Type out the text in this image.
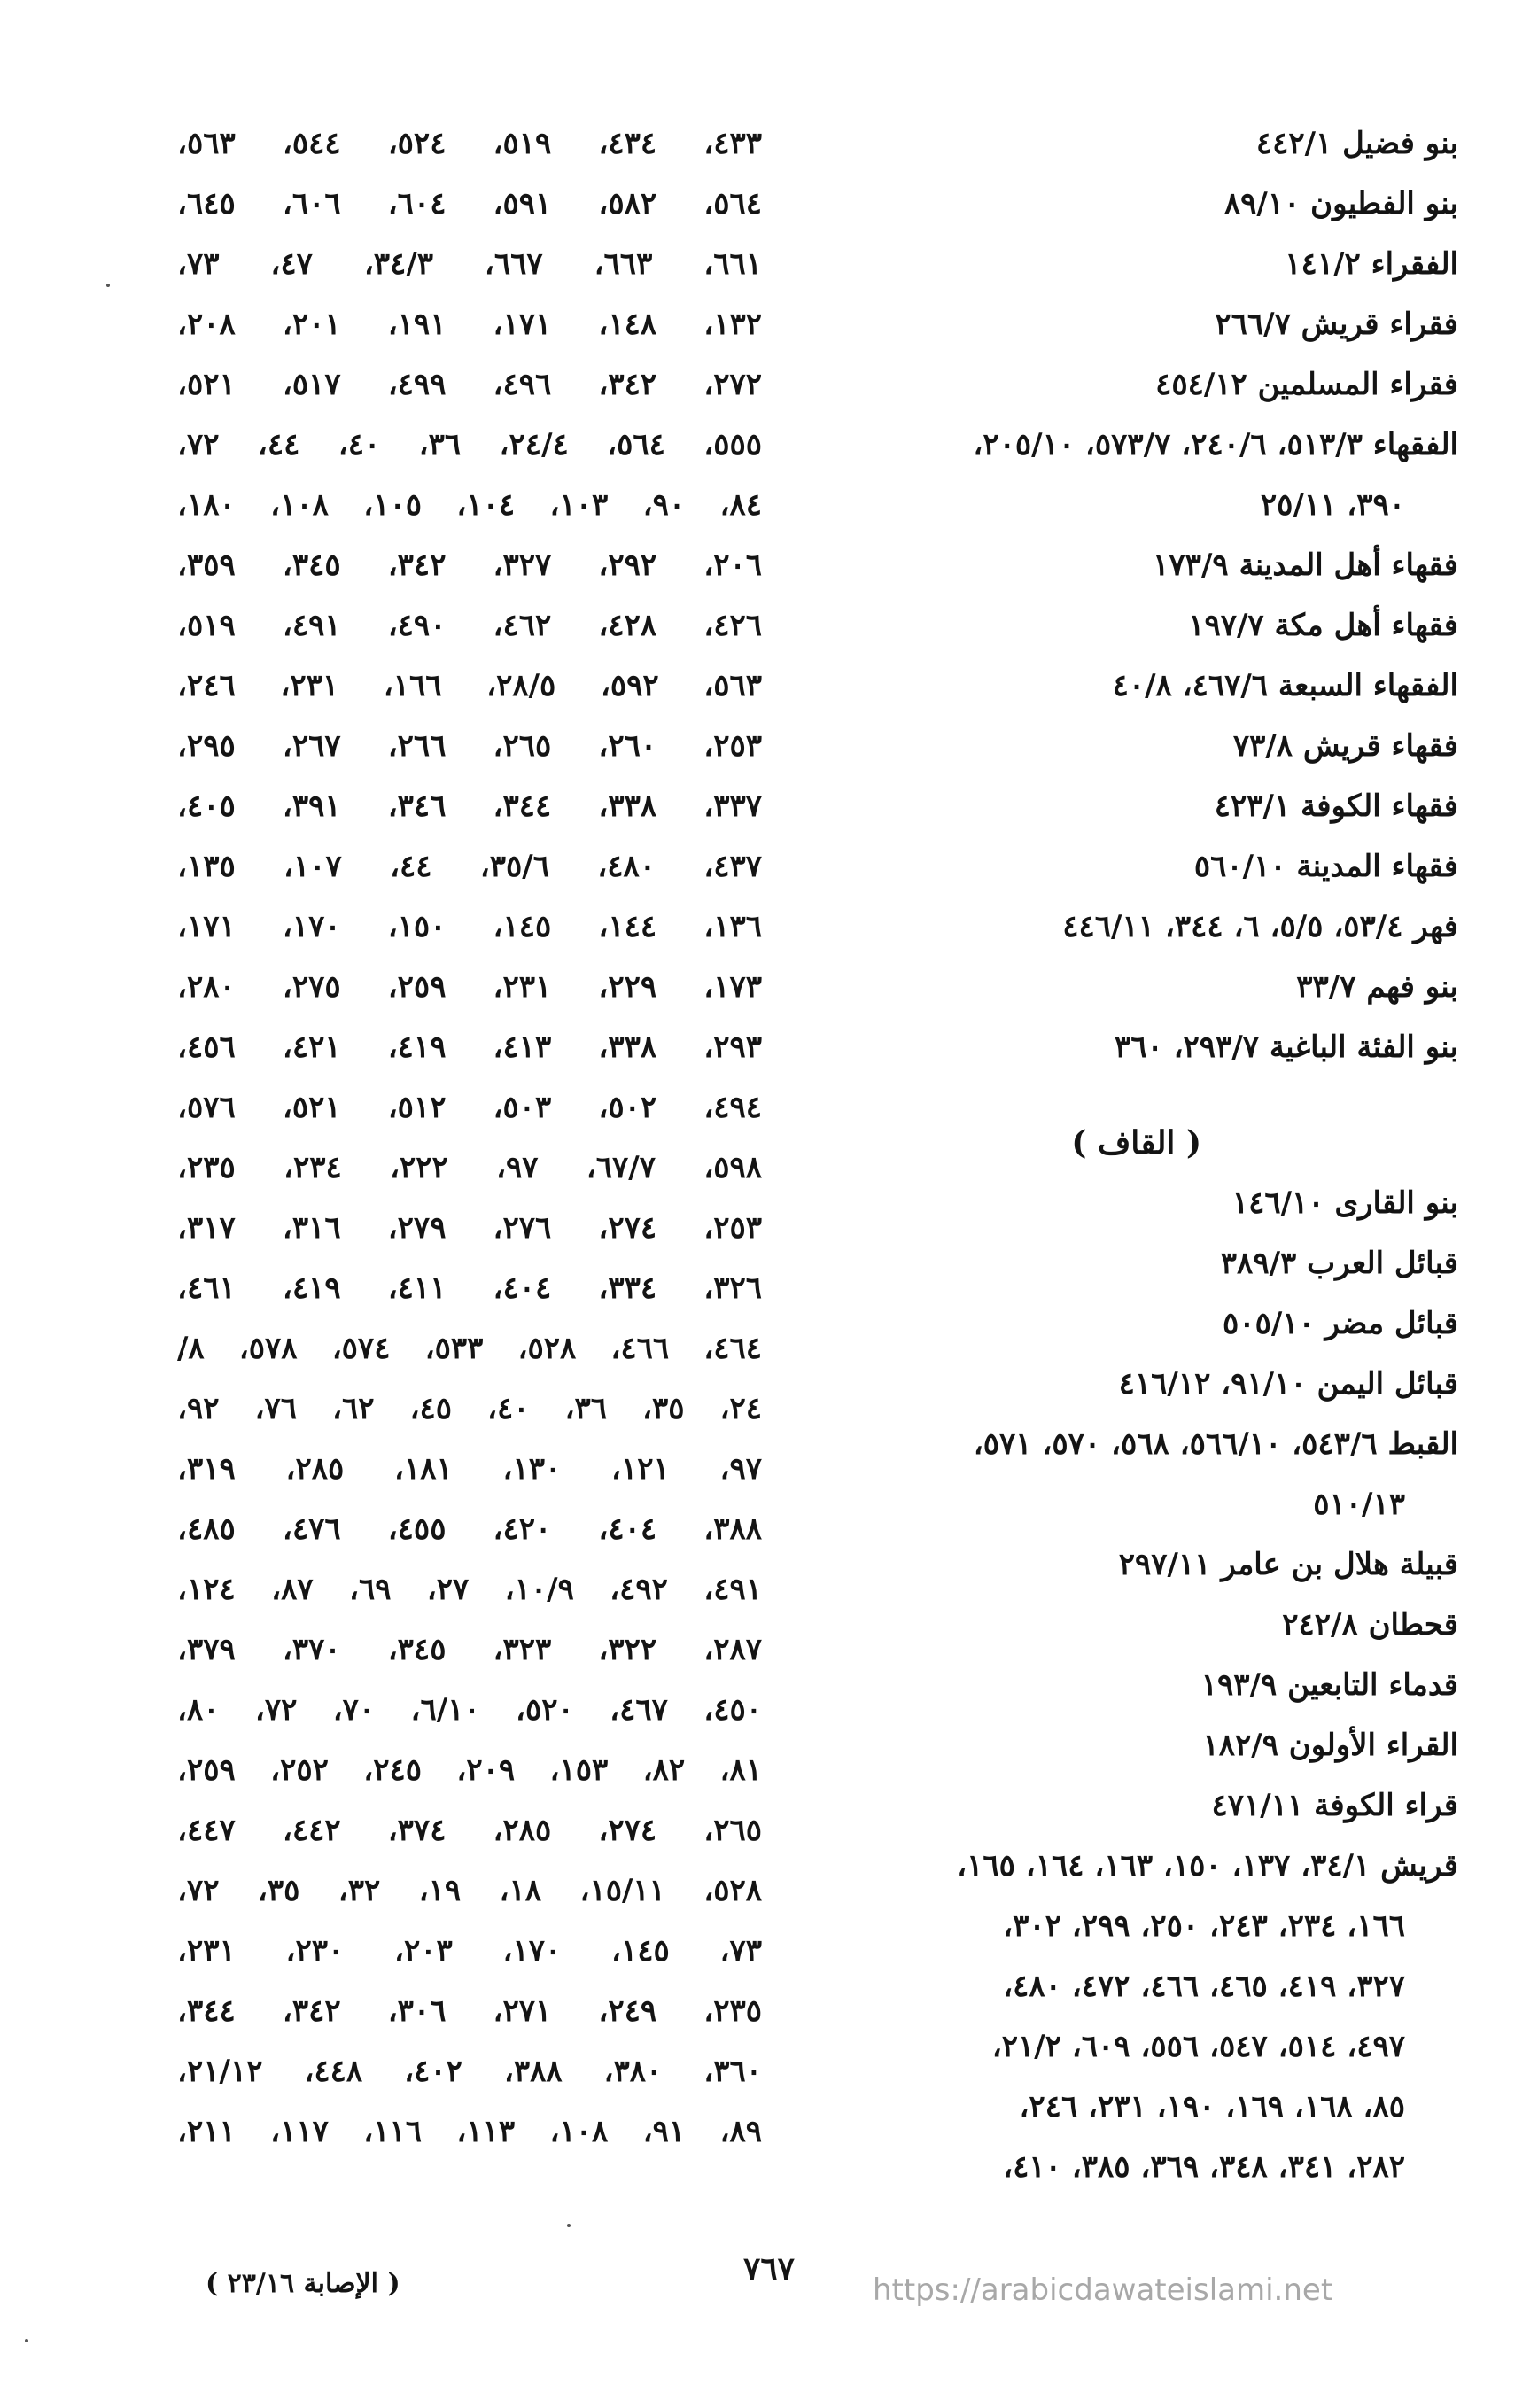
بنو فضيل ٤٤٢/١
بنو الفطيون ٨٩/١٠
الفقراء ١٤١/٢
فقراء قريش ٢٦٦/٧
فقراء المسلمين ٤٥٤/١٢
الفقهاء ٥١٣/٣، ٢٤٠/٦، ٥٧٣/٧، ٢٠٥/١٠،
٣٩٠، ٢٥/١١
فقهاء أهل المدينة ١٧٣/٩
فقهاء أهل مكة ١٩٧/٧
الفقهاء السبعة ٤٦٧/٦، ٤٠/٨
فقهاء قريش ٧٣/٨
فقهاء الكوفة ٤٢٣/١
فقهاء المدينة ٥٦٠/١٠
فهر ٥٣/٤، ٥/٥، ٦، ٣٤٤، ٤٤٦/١١
بنو فهم ٣٣/٧
بنو الفئة الباغية ٢٩٣/٧، ٣٦٠
( القاف )
بنو القارى ١٤٦/١٠
قبائل العرب ٣٨٩/٣
قبائل مضر ٥٠٥/١٠
قبائل اليمن ٩١/١٠، ٤١٦/١٢
القبط ٥٤٣/٦، ٥٦٦/١٠، ٥٦٨، ٥٧٠، ٥٧١،
٥١٠/١٣
قبيلة هلال بن عامر ٢٩٧/١١
قحطان ٢٤٢/٨
قدماء التابعين ١٩٣/٩
القراء الأولون ١٨٢/٩
قراء الكوفة ٤٧١/١١
قريش ٣٤/١، ١٣٧، ١٥٠، ١٦٣، ١٦٤، ١٦٥،
١٦٦، ٢٣٤، ٢٤٣، ٢٥٠، ٢٩٩، ٣٠٢،
٣٢٧، ٤١٩، ٤٦٥، ٤٦٦، ٤٧٢، ٤٨٠،
٤٩٧، ٥١٤، ٥٤٧، ٥٥٦، ٦٠٩، ٢١/٢،
٨٥، ١٦٨، ١٦٩، ١٩٠، ٢٣١، ٢٤٦،
٢٨٢، ٣٤١، ٣٤٨، ٣٦٩، ٣٨٥، ٤١٠،
٤٣٣، ٤٣٤، ٥١٩، ٥٢٤، ٥٤٤، ٥٦٣،
٥٦٤، ٥٨٢، ٥٩١، ٦٠٤، ٦٠٦، ٦٤٥،
٦٦١، ٦٦٣، ٦٦٧، ٣٤/٣، ٤٧، ٧٣،
١٣٢، ١٤٨، ١٧١، ١٩١، ٢٠١، ٢٠٨،
٢٧٢، ٣٤٢، ٤٩٦، ٤٩٩، ٥١٧، ٥٢١،
٥٥٥، ٥٦٤، ٢٤/٤، ٣٦، ٤٠، ٤٤، ٧٢،
٨٤، ٩٠، ١٠٣، ١٠٤، ١٠٥، ١٠٨، ١٨٠،
٢٠٦، ٢٩٢، ٣٢٧، ٣٤٢، ٣٤٥، ٣٥٩،
٤٢٦، ٤٢٨، ٤٦٢، ٤٩٠، ٤٩١، ٥١٩،
٥٦٣، ٥٩٢، ٢٨/٥، ١٦٦، ٢٣١، ٢٤٦،
٢٥٣، ٢٦٠، ٢٦٥، ٢٦٦، ٢٦٧، ٢٩٥،
٣٣٧، ٣٣٨، ٣٤٤، ٣٤٦، ٣٩١، ٤٠٥،
٤٣٧، ٤٨٠، ٣٥/٦، ٤٤، ١٠٧، ١٣٥،
١٣٦، ١٤٤، ١٤٥، ١٥٠، ١٧٠، ١٧١،
١٧٣، ٢٢٩، ٢٣١، ٢٥٩، ٢٧٥، ٢٨٠،
٢٩٣، ٣٣٨، ٤١٣، ٤١٩، ٤٢١، ٤٥٦،
٤٩٤، ٥٠٢، ٥٠٣، ٥١٢، ٥٢١، ٥٧٦،
٥٩٨، ٦٧/٧، ٩٧، ٢٢٢، ٢٣٤، ٢٣٥،
٢٥٣، ٢٧٤، ٢٧٦، ٢٧٩، ٣١٦، ٣١٧،
٣٢٦، ٣٣٤، ٤٠٤، ٤١١، ٤١٩، ٤٦١،
٤٦٤، ٤٦٦، ٥٢٨، ٥٣٣، ٥٧٤، ٥٧٨، ٨/
٢٤، ٣٥، ٣٦، ٤٠، ٤٥، ٦٢، ٧٦، ٩٢،
٩٧، ١٢١، ١٣٠، ١٨١، ٢٨٥، ٣١٩،
٣٨٨، ٤٠٤، ٤٢٠، ٤٥٥، ٤٧٦، ٤٨٥،
٤٩١، ٤٩٢، ١٠/٩، ٢٧، ٦٩، ٨٧، ١٢٤،
٢٨٧، ٣٢٢، ٣٢٣، ٣٤٥، ٣٧٠، ٣٧٩،
٤٥٠، ٤٦٧، ٥٢٠، ٦/١٠، ٧٠، ٧٢، ٨٠،
٨١، ٨٢، ١٥٣، ٢٠٩، ٢٤٥، ٢٥٢، ٢٥٩،
٢٦٥، ٢٧٤، ٢٨٥، ٣٧٤، ٤٤٢، ٤٤٧،
٥٢٨، ١٥/١١، ١٨، ١٩، ٣٢، ٣٥، ٧٢،
٧٣، ١٤٥، ١٧٠، ٢٠٣، ٢٣٠، ٢٣١،
٢٣٥، ٢٤٩، ٢٧١، ٣٠٦، ٣٤٢، ٣٤٤،
٣٦٠، ٣٨٠، ٣٨٨، ٤٠٢، ٤٤٨، ٢١/١٢،
٨٩، ٩١، ١٠٨، ١١٣، ١١٦، ١١٧، ٢١١،
٧٦٧
( الإصابة ٢٣/١٦ )	https://arabicdawateislami.net
